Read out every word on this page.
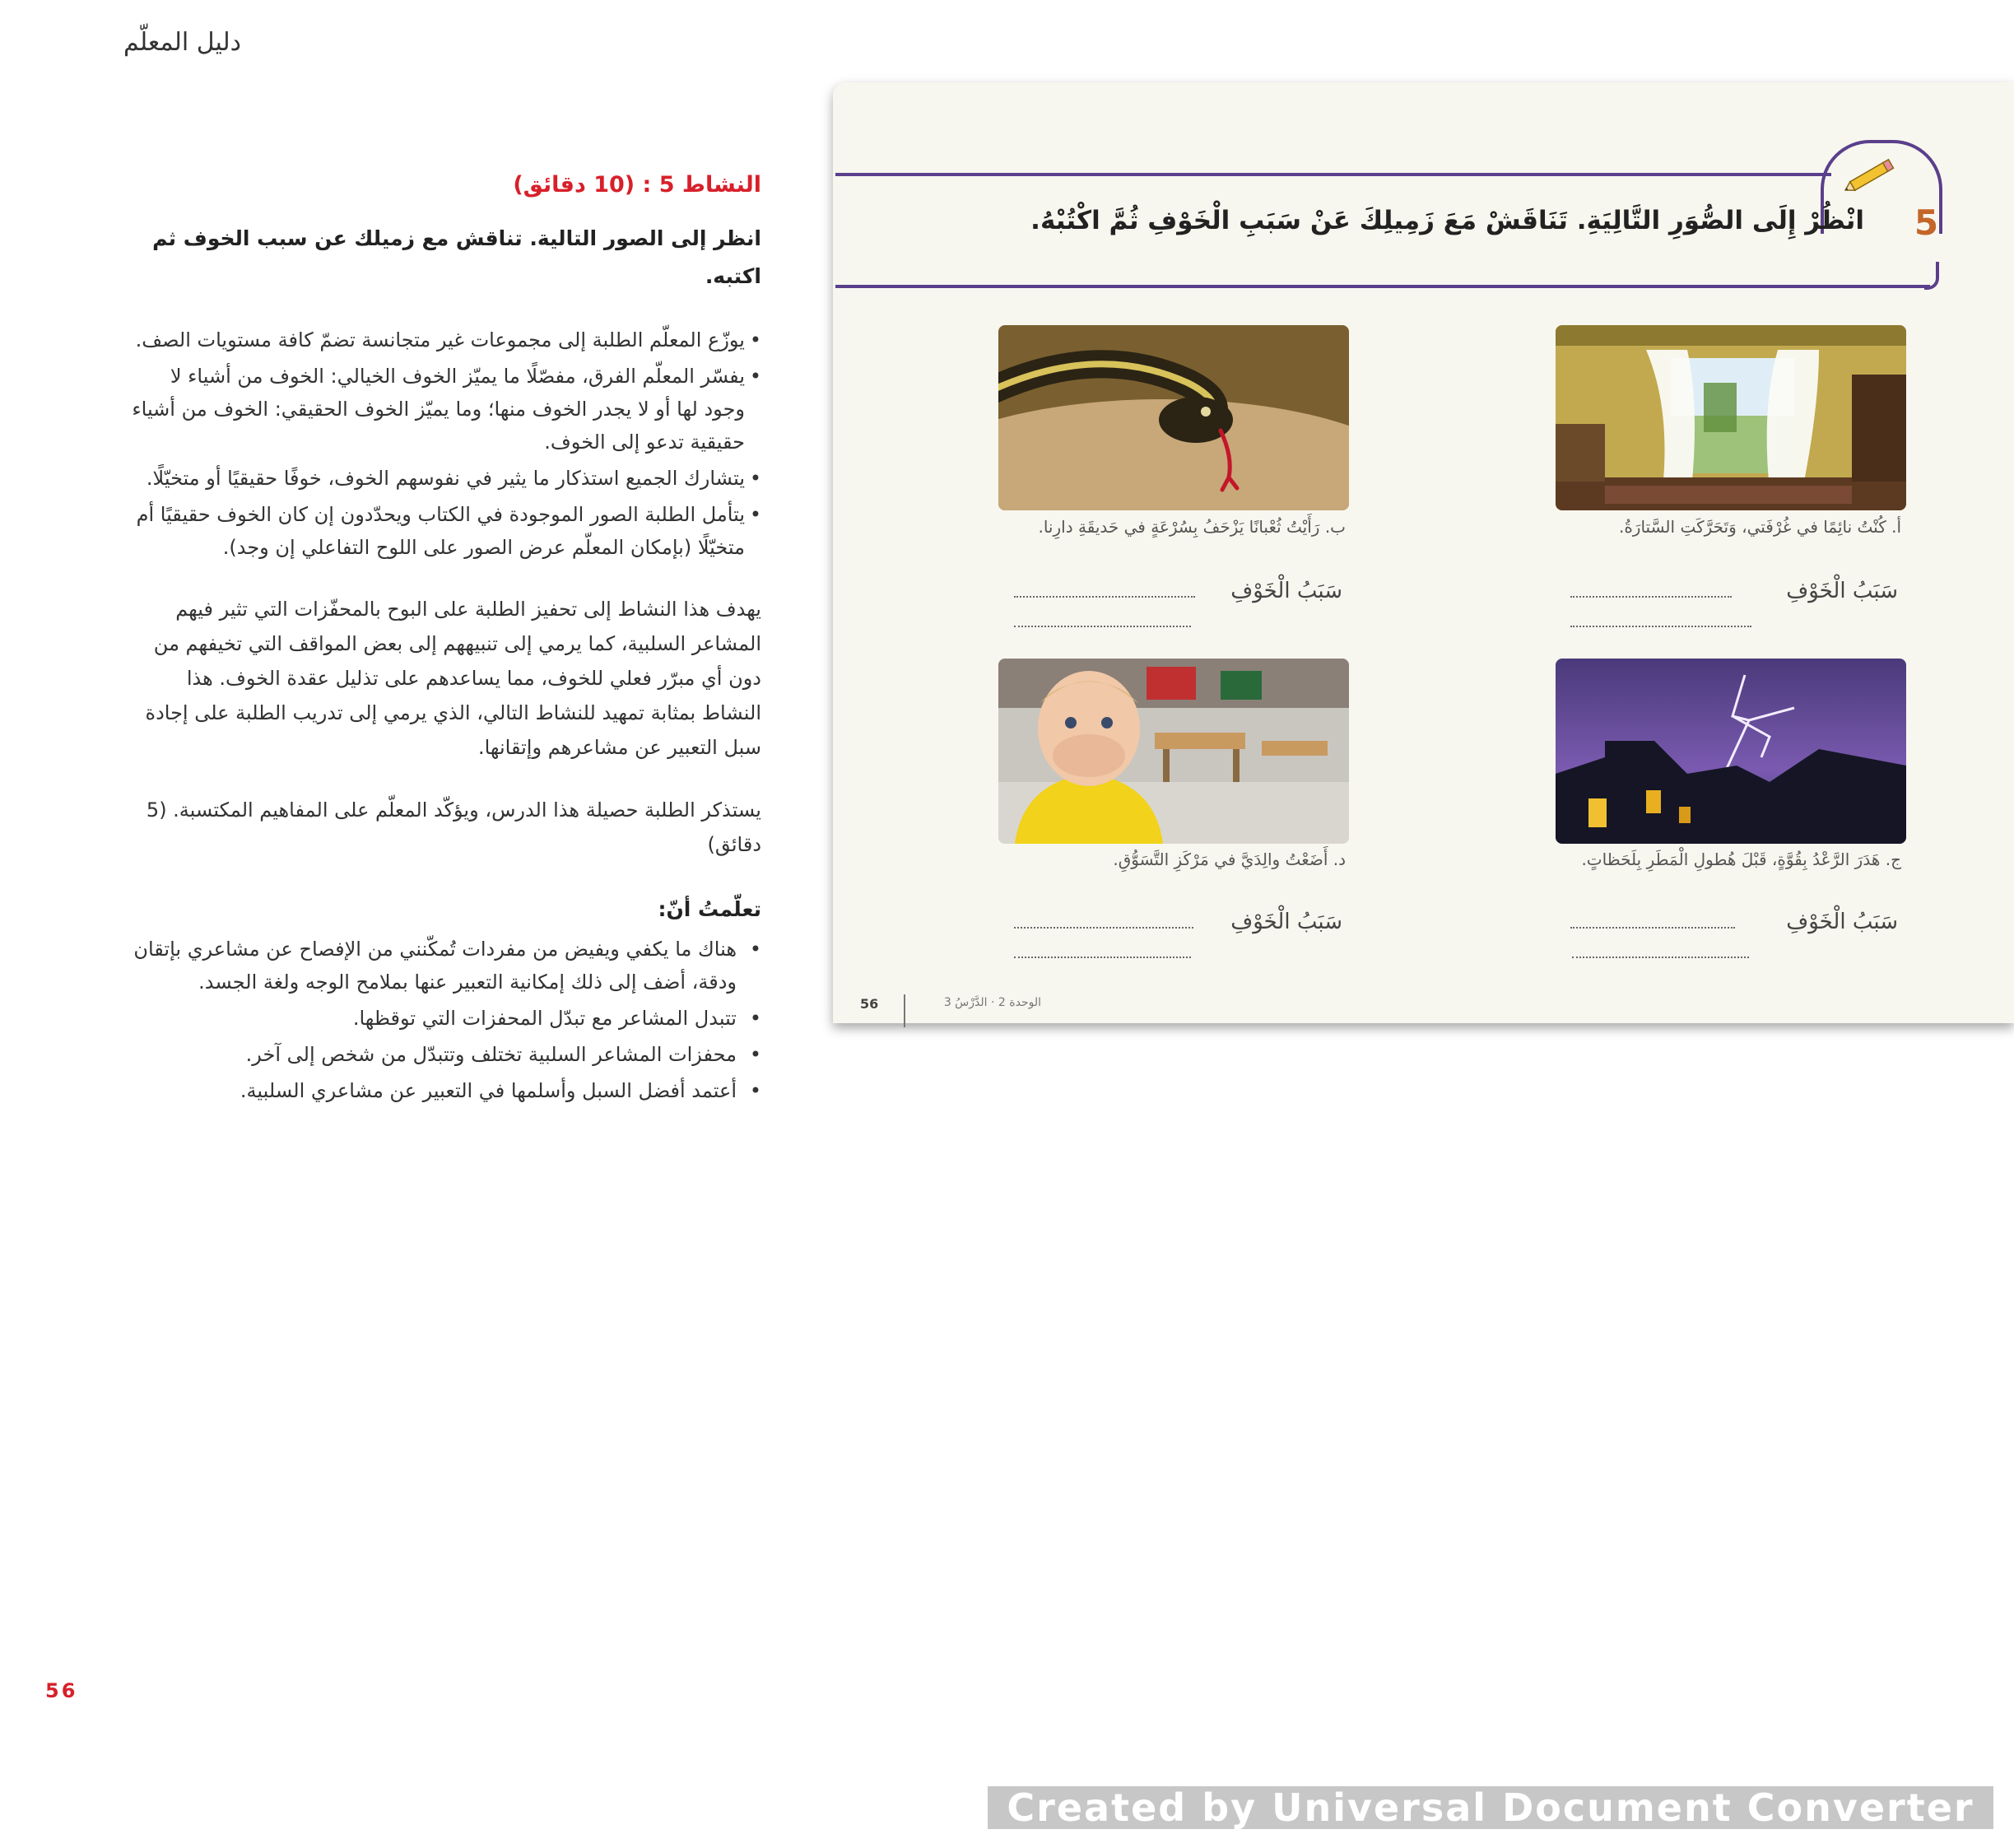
دليل المعلّم
النشاط 5 : (10 دقائق)
انظر إلى الصور التالية. تناقش مع زميلك عن سبب الخوف ثم اكتبه.
• يوزّع المعلّم الطلبة إلى مجموعات غير متجانسة تضمّ كافة مستويات الصف.
• يفسّر المعلّم الفرق، مفصّلًا ما يميّز الخوف الخيالي: الخوف من أشياء لا وجود لها أو لا يجدر الخوف منها؛ وما يميّز الخوف الحقيقي: الخوف من أشياء حقيقية تدعو إلى الخوف.
• يتشارك الجميع استذكار ما يثير في نفوسهم الخوف، خوفًا حقيقيًا أو متخيّلًا.
• يتأمل الطلبة الصور الموجودة في الكتاب ويحدّدون إن كان الخوف حقيقيًا أم متخيّلًا (بإمكان المعلّم عرض الصور على اللوح التفاعلي إن وجد).

يهدف هذا النشاط إلى تحفيز الطلبة على البوح بالمحفّزات التي تثير فيهم المشاعر السلبية، كما يرمي إلى تنبيههم إلى بعض المواقف التي تخيفهم من دون أي مبرّر فعلي للخوف، مما يساعدهم على تذليل عقدة الخوف. هذا النشاط بمثابة تمهيد للنشاط التالي، الذي يرمي إلى تدريب الطلبة على إجادة سبل التعبير عن مشاعرهم وإتقانها.

يستذكر الطلبة حصيلة هذا الدرس، ويؤكّد المعلّم على المفاهيم المكتسبة. (5 دقائق)

تعلّمتُ أنّ:
• هناك ما يكفي ويفيض من مفردات تُمكّنني من الإفصاح عن مشاعري بإتقان ودقة، أضف إلى ذلك إمكانية التعبير عنها بملامح الوجه ولغة الجسد.
• تتبدل المشاعر مع تبدّل المحفزات التي توقظها.
• محفزات المشاعر السلبية تختلف وتتبدّل من شخص إلى آخر.
• أعتمد أفضل السبل وأسلمها في التعبير عن مشاعري السلبية.
56
5
انْظُرْ إِلَى الصُّوَرِ التَّالِيَةِ. تَنَاقَشْ مَعَ زَمِيلِكَ عَنْ سَبَبِ الْخَوْفِ ثُمَّ اكْتُبْهُ.
أ. كُنْتُ نائِمًا في غُرْفَتي، وَتَحَرَّكَتِ السَّتارَةُ.
سَبَبُ الْخَوْفِ
ب. رَأَيْتُ ثُعْبانًا يَزْحَفُ بِسُرْعَةٍ في حَديقَةِ دارِنا.
سَبَبُ الْخَوْفِ
ج. هَدَرَ الرَّعْدُ بِقُوَّةٍ، قَبْلَ هُطولِ الْمَطَرِ بِلَحَظاتٍ.
سَبَبُ الْخَوْفِ
د. أَضَعْتُ والِدَيَّ في مَرْكَزِ التَّسَوُّقِ.
سَبَبُ الْخَوْفِ
56	الوحدة 2 · الدَّرْسُ 3
Created by Universal Document Converter
